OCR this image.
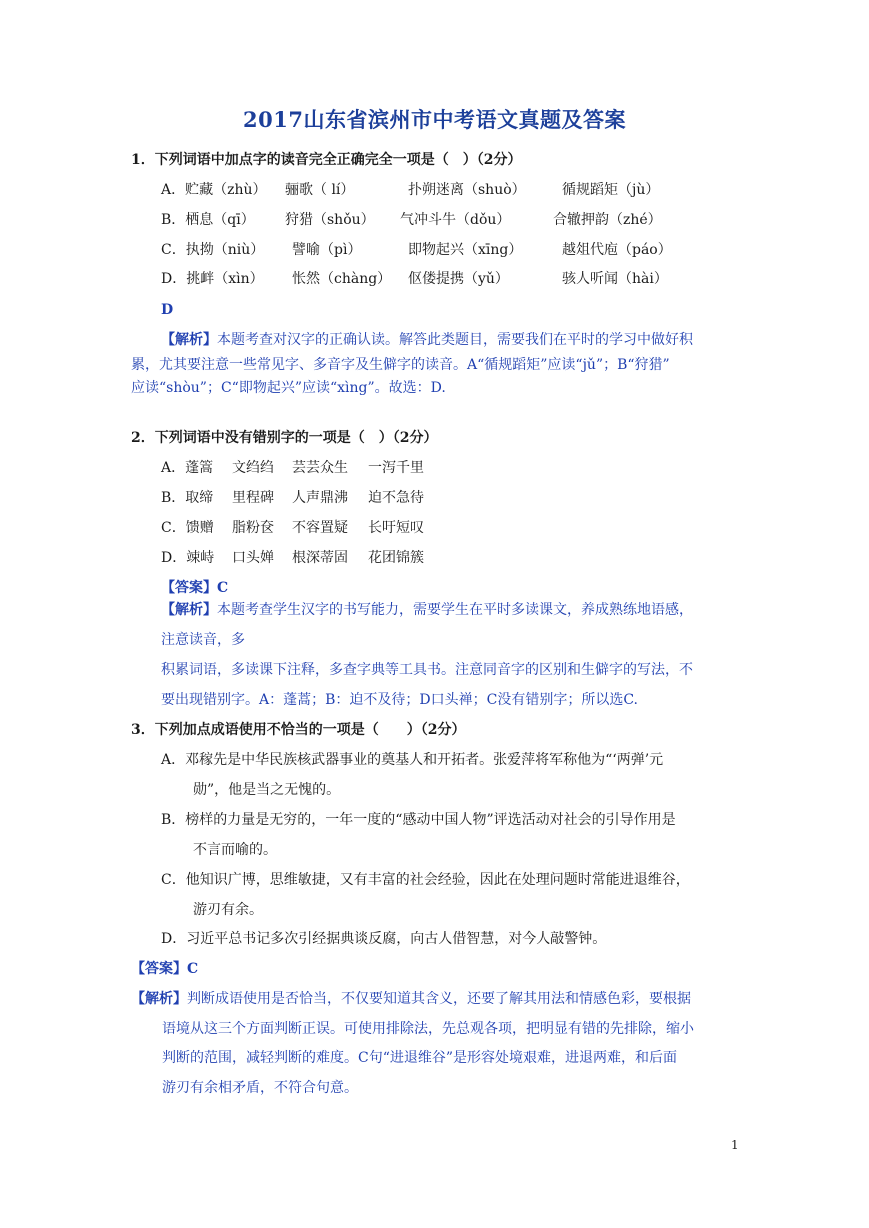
2017山东省滨州市中考语文真题及答案
1．下列词语中加点字的读音完全正确完全一项是（　）（2分）
A．贮藏（zhù） 骊歌（ lí）	扑朔迷离（shuò）	循规蹈矩（jù）
B．栖息（qī） 狩猎（shǒu） 气冲斗牛（dǒu）	合辙押韵（zhé）
C．执拗（niù） 譬喻（pì）	即物起兴（xīng）	越俎代庖（páo）
D．挑衅（xìn） 怅然（chàng） 伛偻提携（yǔ）	骇人听闻（hài）
D
【解析】本题考查对汉字的正确认读。解答此类题目，需要我们在平时的学习中做好积
累，尤其要注意一些常见字、多音字及生僻字的读音。A“循规蹈矩”应读“jǔ”；B“狩猎”
应读“shòu”；C“即物起兴”应读“xìng”。故选：D.
2．下列词语中没有错别字的一项是（　）（2分）
A．蓬篙 文绉绉 芸芸众生 一泻千里
B．取缔 里程碑 人声鼎沸 迫不急待
C．馈赠 脂粉奁 不容置疑 长吁短叹
D．竦峙 口头婵 根深蒂固 花团锦簇
【答案】C
【解析】本题考查学生汉字的书写能力，需要学生在平时多读课文，养成熟练地语感，
注意读音，多
积累词语，多读课下注释，多查字典等工具书。注意同音字的区别和生僻字的写法，不
要出现错别字。A：蓬蒿；B：迫不及待；D口头禅；C没有错别字；所以选C.
3．下列加点成语使用不恰当的一项是（　　）（2分）
A．邓稼先是中华民族核武器事业的奠基人和开拓者。张爱萍将军称他为“‘两弹’元
勋”，他是当之无愧的。
B．榜样的力量是无穷的，一年一度的“感动中国人物”评选活动对社会的引导作用是
不言而喻的。
C．他知识广博，思维敏捷，又有丰富的社会经验，因此在处理问题时常能进退维谷，
游刃有余。
D．习近平总书记多次引经据典谈反腐，向古人借智慧，对今人敲警钟。
【答案】C
【解析】判断成语使用是否恰当，不仅要知道其含义，还要了解其用法和情感色彩，要根据
语境从这三个方面判断正误。可使用排除法，先总观各项，把明显有错的先排除，缩小
判断的范围，减轻判断的难度。C句“进退维谷”是形容处境艰难，进退两难，和后面
游刃有余相矛盾，不符合句意。
1
